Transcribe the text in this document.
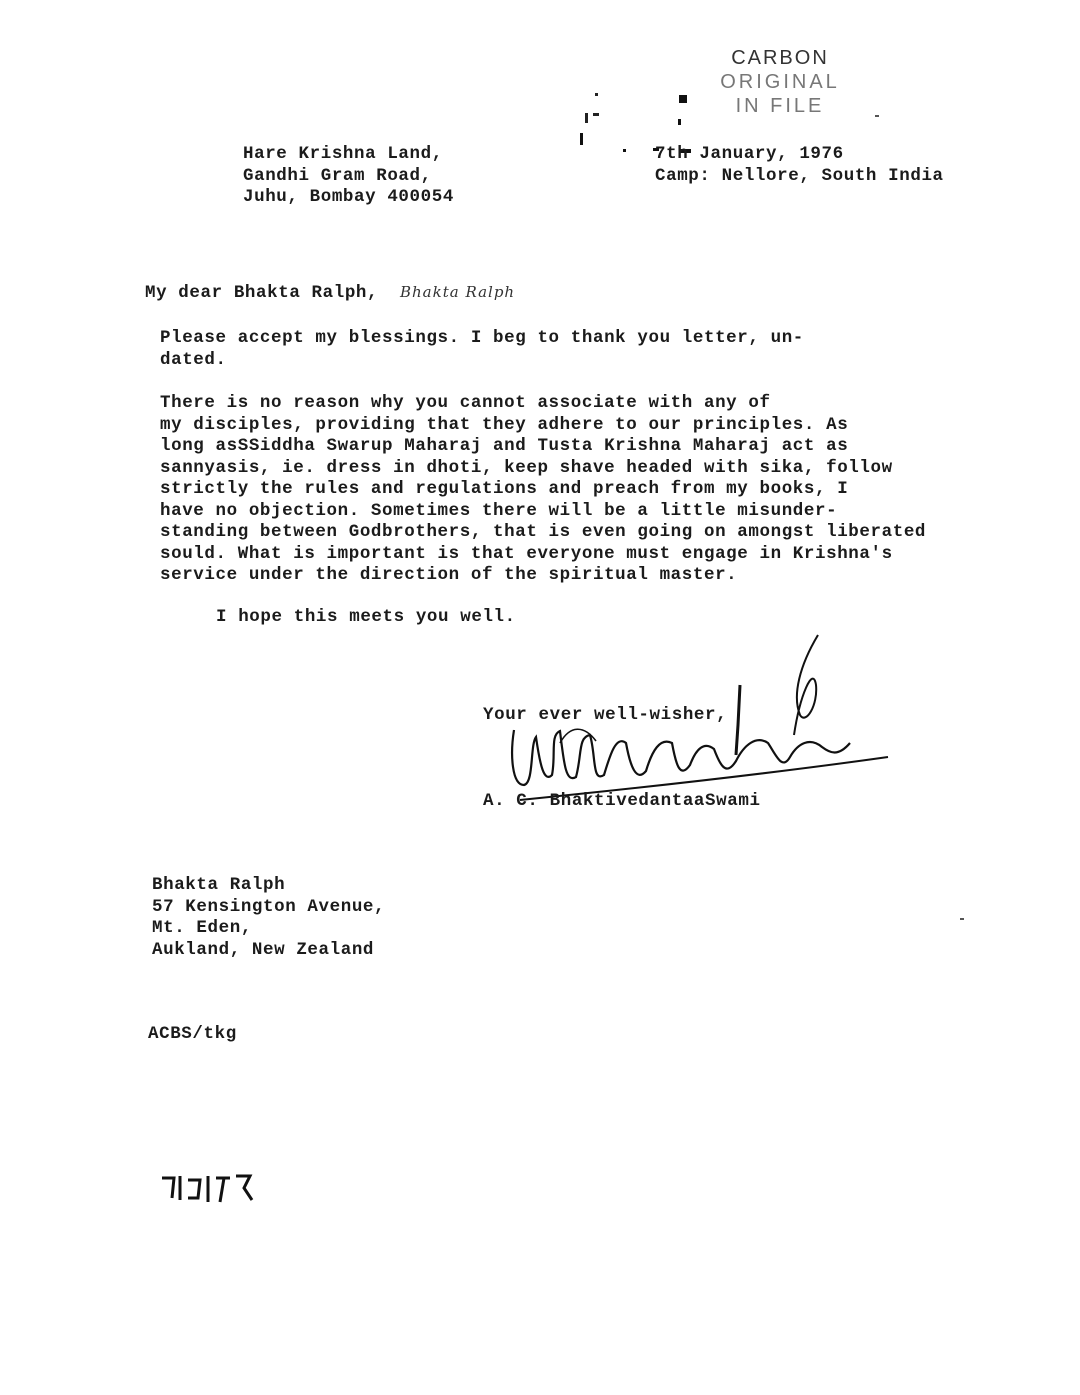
CARBON
ORIGINAL
IN FILE
Hare Krishna Land,
Gandhi Gram Road,
Juhu, Bombay 400054
7th January, 1976
Camp: Nellore, South India
My dear Bhakta Ralph, Bhakta Ralph
Please accept my blessings. I beg to thank you letter, un-
dated.
There is no reason why you cannot associate with any of
my disciples, providing that they adhere to our principles. As
long asSSiddha Swarup Maharaj and Tusta Krishna Maharaj act as
sannyasis, ie. dress in dhoti, keep shave headed with sika, follow
strictly the rules and regulations and preach from my books, I
have no objection. Sometimes there will be a little misunder-
standing between Godbrothers, that is even going on amongst liberated
sould. What is important is that everyone must engage in Krishna's
service under the direction of the spiritual master.
I hope this meets you well.
Your ever well-wisher,
A. C. BhaktivedantaaSwami
Bhakta Ralph
57 Kensington Avenue,
Mt. Eden,
Aukland, New Zealand
ACBS/tkg
